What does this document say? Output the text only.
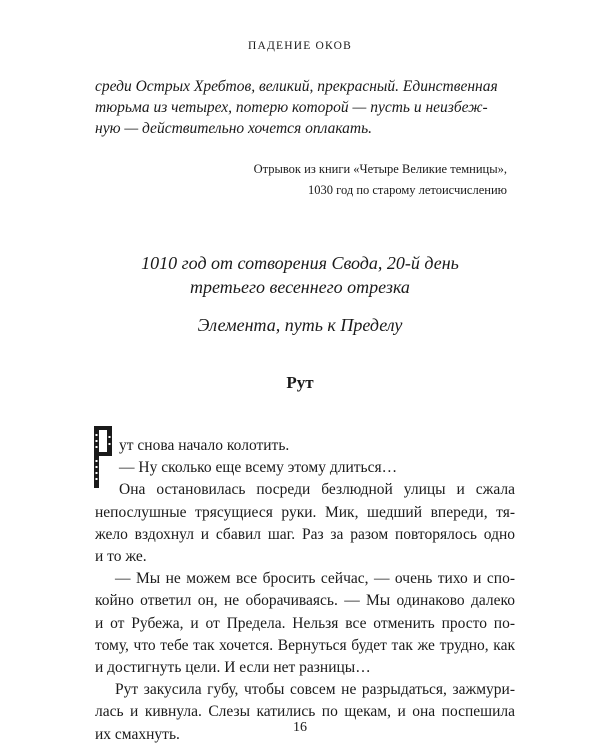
ПАДЕНИЕ ОКОВ
среди Острых Хребтов, великий, прекрасный. Единственная
тюрьма из четырех, потерю которой — пусть и неизбеж-
ную — действительно хочется оплакать.
Отрывок из книги «Четыре Великие темницы»,
1030 год по старому летоисчислению
1010 год от сотворения Свода, 20-й день
третьего весеннего отрезка
Элемента, путь к Пределу
Рут
ут снова начало колотить.
— Ну сколько еще всему этому длиться…
Она остановилась посреди безлюдной улицы и сжала
непослушные трясущиеся руки. Мик, шедший впереди, тя-
жело вздохнул и сбавил шаг. Раз за разом повторялось одно
и то же.
— Мы не можем все бросить сейчас, — очень тихо и спо-
койно ответил он, не оборачиваясь. — Мы одинаково далеко
и от Рубежа, и от Предела. Нельзя все отменить просто по-
тому, что тебе так хочется. Вернуться будет так же трудно, как
и достигнуть цели. И если нет разницы…
Рут закусила губу, чтобы совсем не разрыдаться, зажмури-
лась и кивнула. Слезы катились по щекам, и она поспешила
их смахнуть.	16
